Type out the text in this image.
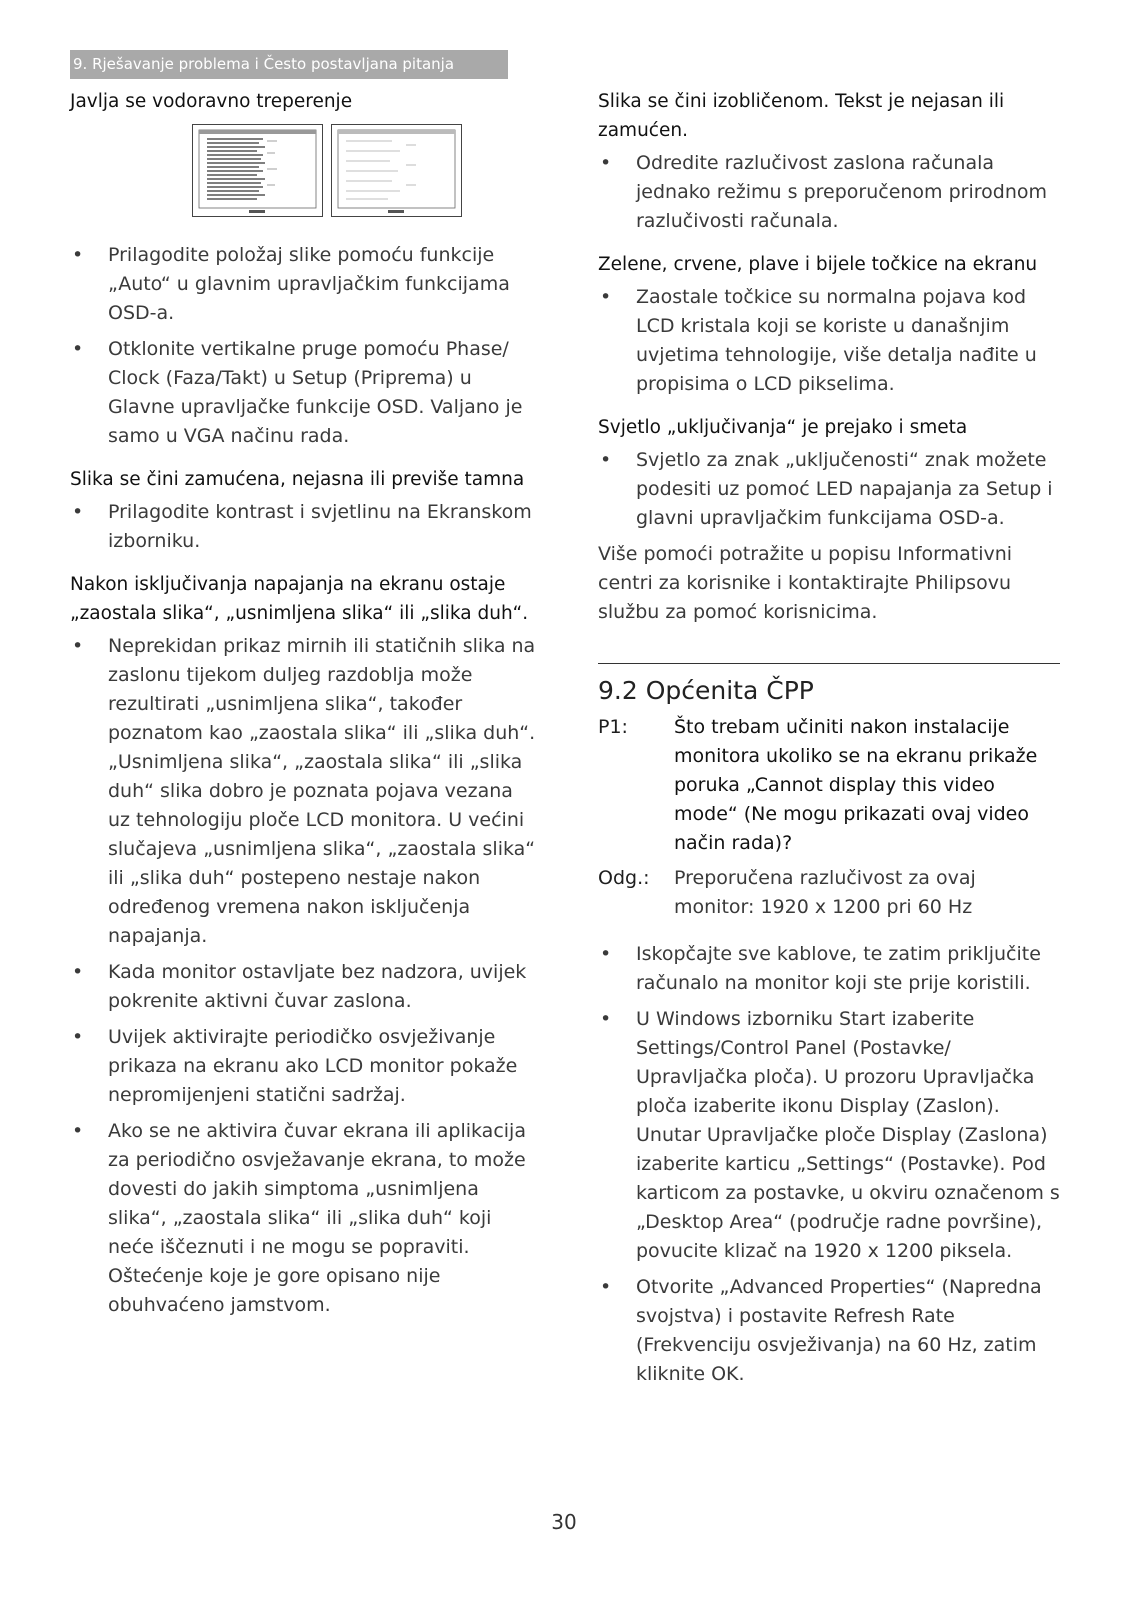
9. Rješavanje problema i Često postavljana pitanja
Javlja se vodoravno treperenje
• Prilagodite položaj slike pomoću funkcije „Auto“ u glavnim upravljačkim funkcijama OSD-a.
• Otklonite vertikalne pruge pomoću Phase/ Clock (Faza/Takt) u Setup (Priprema) u Glavne upravljačke funkcije OSD. Valjano je samo u VGA načinu rada.
Slika se čini zamućena, nejasna ili previše tamna
• Prilagodite kontrast i svjetlinu na Ekranskom izborniku.
Nakon isključivanja napajanja na ekranu ostaje „zaostala slika“, „usnimljena slika“ ili „slika duh“.
• Neprekidan prikaz mirnih ili statičnih slika na zaslonu tijekom duljeg razdoblja može rezultirati „usnimljena slika“, također poznatom kao „zaostala slika“ ili „slika duh“. „Usnimljena slika“, „zaostala slika“ ili „slika duh“ slika dobro je poznata pojava vezana uz tehnologiju ploče LCD monitora. U većini slučajeva „usnimljena slika“, „zaostala slika“ ili „slika duh“ postepeno nestaje nakon određenog vremena nakon isključenja napajanja.
• Kada monitor ostavljate bez nadzora, uvijek pokrenite aktivni čuvar zaslona.
• Uvijek aktivirajte periodičko osvježivanje prikaza na ekranu ako LCD monitor pokaže nepromijenjeni statični sadržaj.
• Ako se ne aktivira čuvar ekrana ili aplikacija za periodično osvježavanje ekrana, to može dovesti do jakih simptoma „usnimljena slika“, „zaostala slika“ ili „slika duh“ koji neće iščeznuti i ne mogu se popraviti. Oštećenje koje je gore opisano nije obuhvaćeno jamstvom.
Slika se čini izobličenom. Tekst je nejasan ili zamućen.
• Odredite razlučivost zaslona računala jednako režimu s preporučenom prirodnom razlučivosti računala.
Zelene, crvene, plave i bijele točkice na ekranu
• Zaostale točkice su normalna pojava kod LCD kristala koji se koriste u današnjim uvjetima tehnologije, više detalja nađite u propisima o LCD pikselima.
Svjetlo „uključivanja“ je prejako i smeta
• Svjetlo za znak „uključenosti“ znak možete podesiti uz pomoć LED napajanja za Setup i glavni upravljačkim funkcijama OSD-a.
Više pomoći potražite u popisu Informativni centri za korisnike i kontaktirajte Philipsovu službu za pomoć korisnicima.
9.2 Općenita ČPP
P1:	Što trebam učiniti nakon instalacije monitora ukoliko se na ekranu prikaže poruka „Cannot display this video mode“ (Ne mogu prikazati ovaj video način rada)?
Odg.:	Preporučena razlučivost za ovaj monitor: 1920 x 1200 pri 60 Hz
• Iskopčajte sve kablove, te zatim priključite računalo na monitor koji ste prije koristili.
• U Windows izborniku Start izaberite Settings/Control Panel (Postavke/ Upravljačka ploča). U prozoru Upravljačka ploča izaberite ikonu Display (Zaslon). Unutar Upravljačke ploče Display (Zaslona) izaberite karticu „Settings“ (Postavke). Pod karticom za postavke, u okviru označenom s „Desktop Area“ (područje radne površine), povucite klizač na 1920 x 1200 piksela.
• Otvorite „Advanced Properties“ (Napredna svojstva) i postavite Refresh Rate (Frekvenciju osvježivanja) na 60 Hz, zatim kliknite OK.
30
